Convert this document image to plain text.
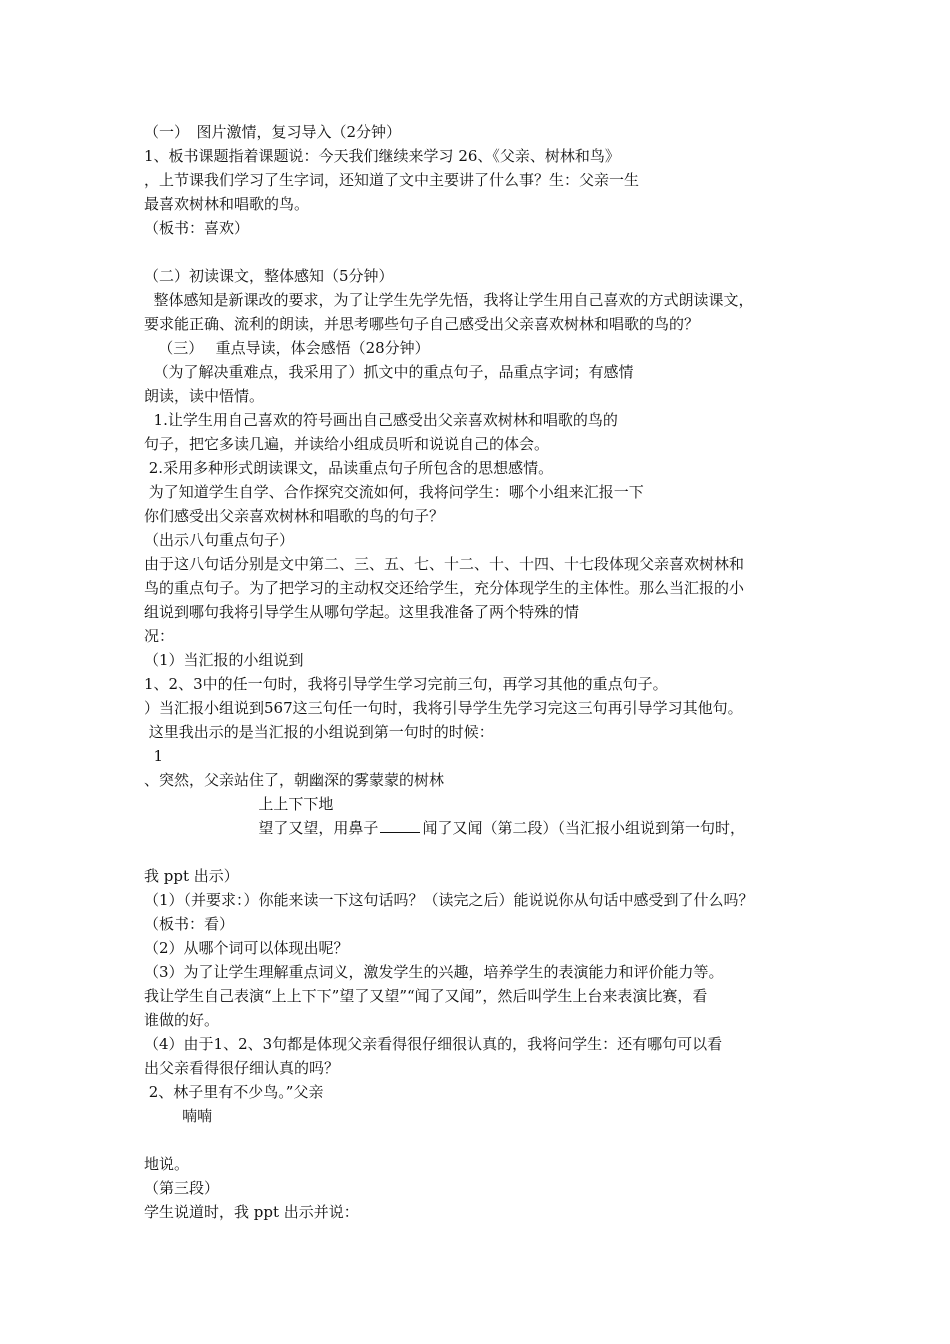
（一）　图片激情，复习导入（2分钟）
1、板书课题指着课题说：今天我们继续来学习 26、《父亲、树林和鸟》
，上节课我们学习了生字词，还知道了文中主要讲了什么事？生：父亲一生
最喜欢树林和唱歌的鸟。
（板书：喜欢）
（二）初读课文，整体感知（5分钟）
整体感知是新课改的要求，为了让学生先学先悟，我将让学生用自己喜欢的方式朗读课文，
要求能正确、流利的朗读，并思考哪些句子自己感受出父亲喜欢树林和唱歌的鸟的？
（三）　 重点导读，体会感悟（28分钟）
（为了解决重难点，我采用了）抓文中的重点句子，品重点字词；有感情
朗读，读中悟情。
1.让学生用自己喜欢的符号画出自己感受出父亲喜欢树林和唱歌的鸟的
句子，把它多读几遍，并读给小组成员听和说说自己的体会。
2.采用多种形式朗读课文，品读重点句子所包含的思想感情。
为了知道学生自学、合作探究交流如何，我将问学生：哪个小组来汇报一下
你们感受出父亲喜欢树林和唱歌的鸟的句子？
（出示八句重点句子）
由于这八句话分别是文中第二、三、五、七、十二、十、十四、十七段体现父亲喜欢树林和
鸟的重点句子。为了把学习的主动权交还给学生，充分体现学生的主体性。那么当汇报的小
组说到哪句我将引导学生从哪句学起。这里我准备了两个特殊的情
况：
（1）当汇报的小组说到
1、2、3中的任一句时，我将引导学生学习完前三句，再学习其他的重点句子。
）当汇报小组说到567这三句任一句时，我将引导学生先学习完这三句再引导学习其他句。
这里我出示的是当汇报的小组说到第一句时的时候：
1
、突然，父亲站住了，朝幽深的雾蒙蒙的树林
上上下下地
望了又望，用鼻子	闻了又闻（第二段）（当汇报小组说到第一句时，
我 ppt 出示）
（1）（并要求：）你能来读一下这句话吗？（读完之后）能说说你从句话中感受到了什么吗？
（板书：看）
（2）从哪个词可以体现出呢？
（3）为了让学生理解重点词义，激发学生的兴趣，培养学生的表演能力和评价能力等。
我让学生自己表演“上上下下”望了又望”“闻了又闻”，然后叫学生上台来表演比赛，看
谁做的好。
（4）由于1、2、3句都是体现父亲看得很仔细很认真的，我将问学生：还有哪句可以看
出父亲看得很仔细认真的吗？
2、林子里有不少鸟。”父亲
喃喃
地说。
（第三段）
学生说道时，我 ppt 出示并说：
